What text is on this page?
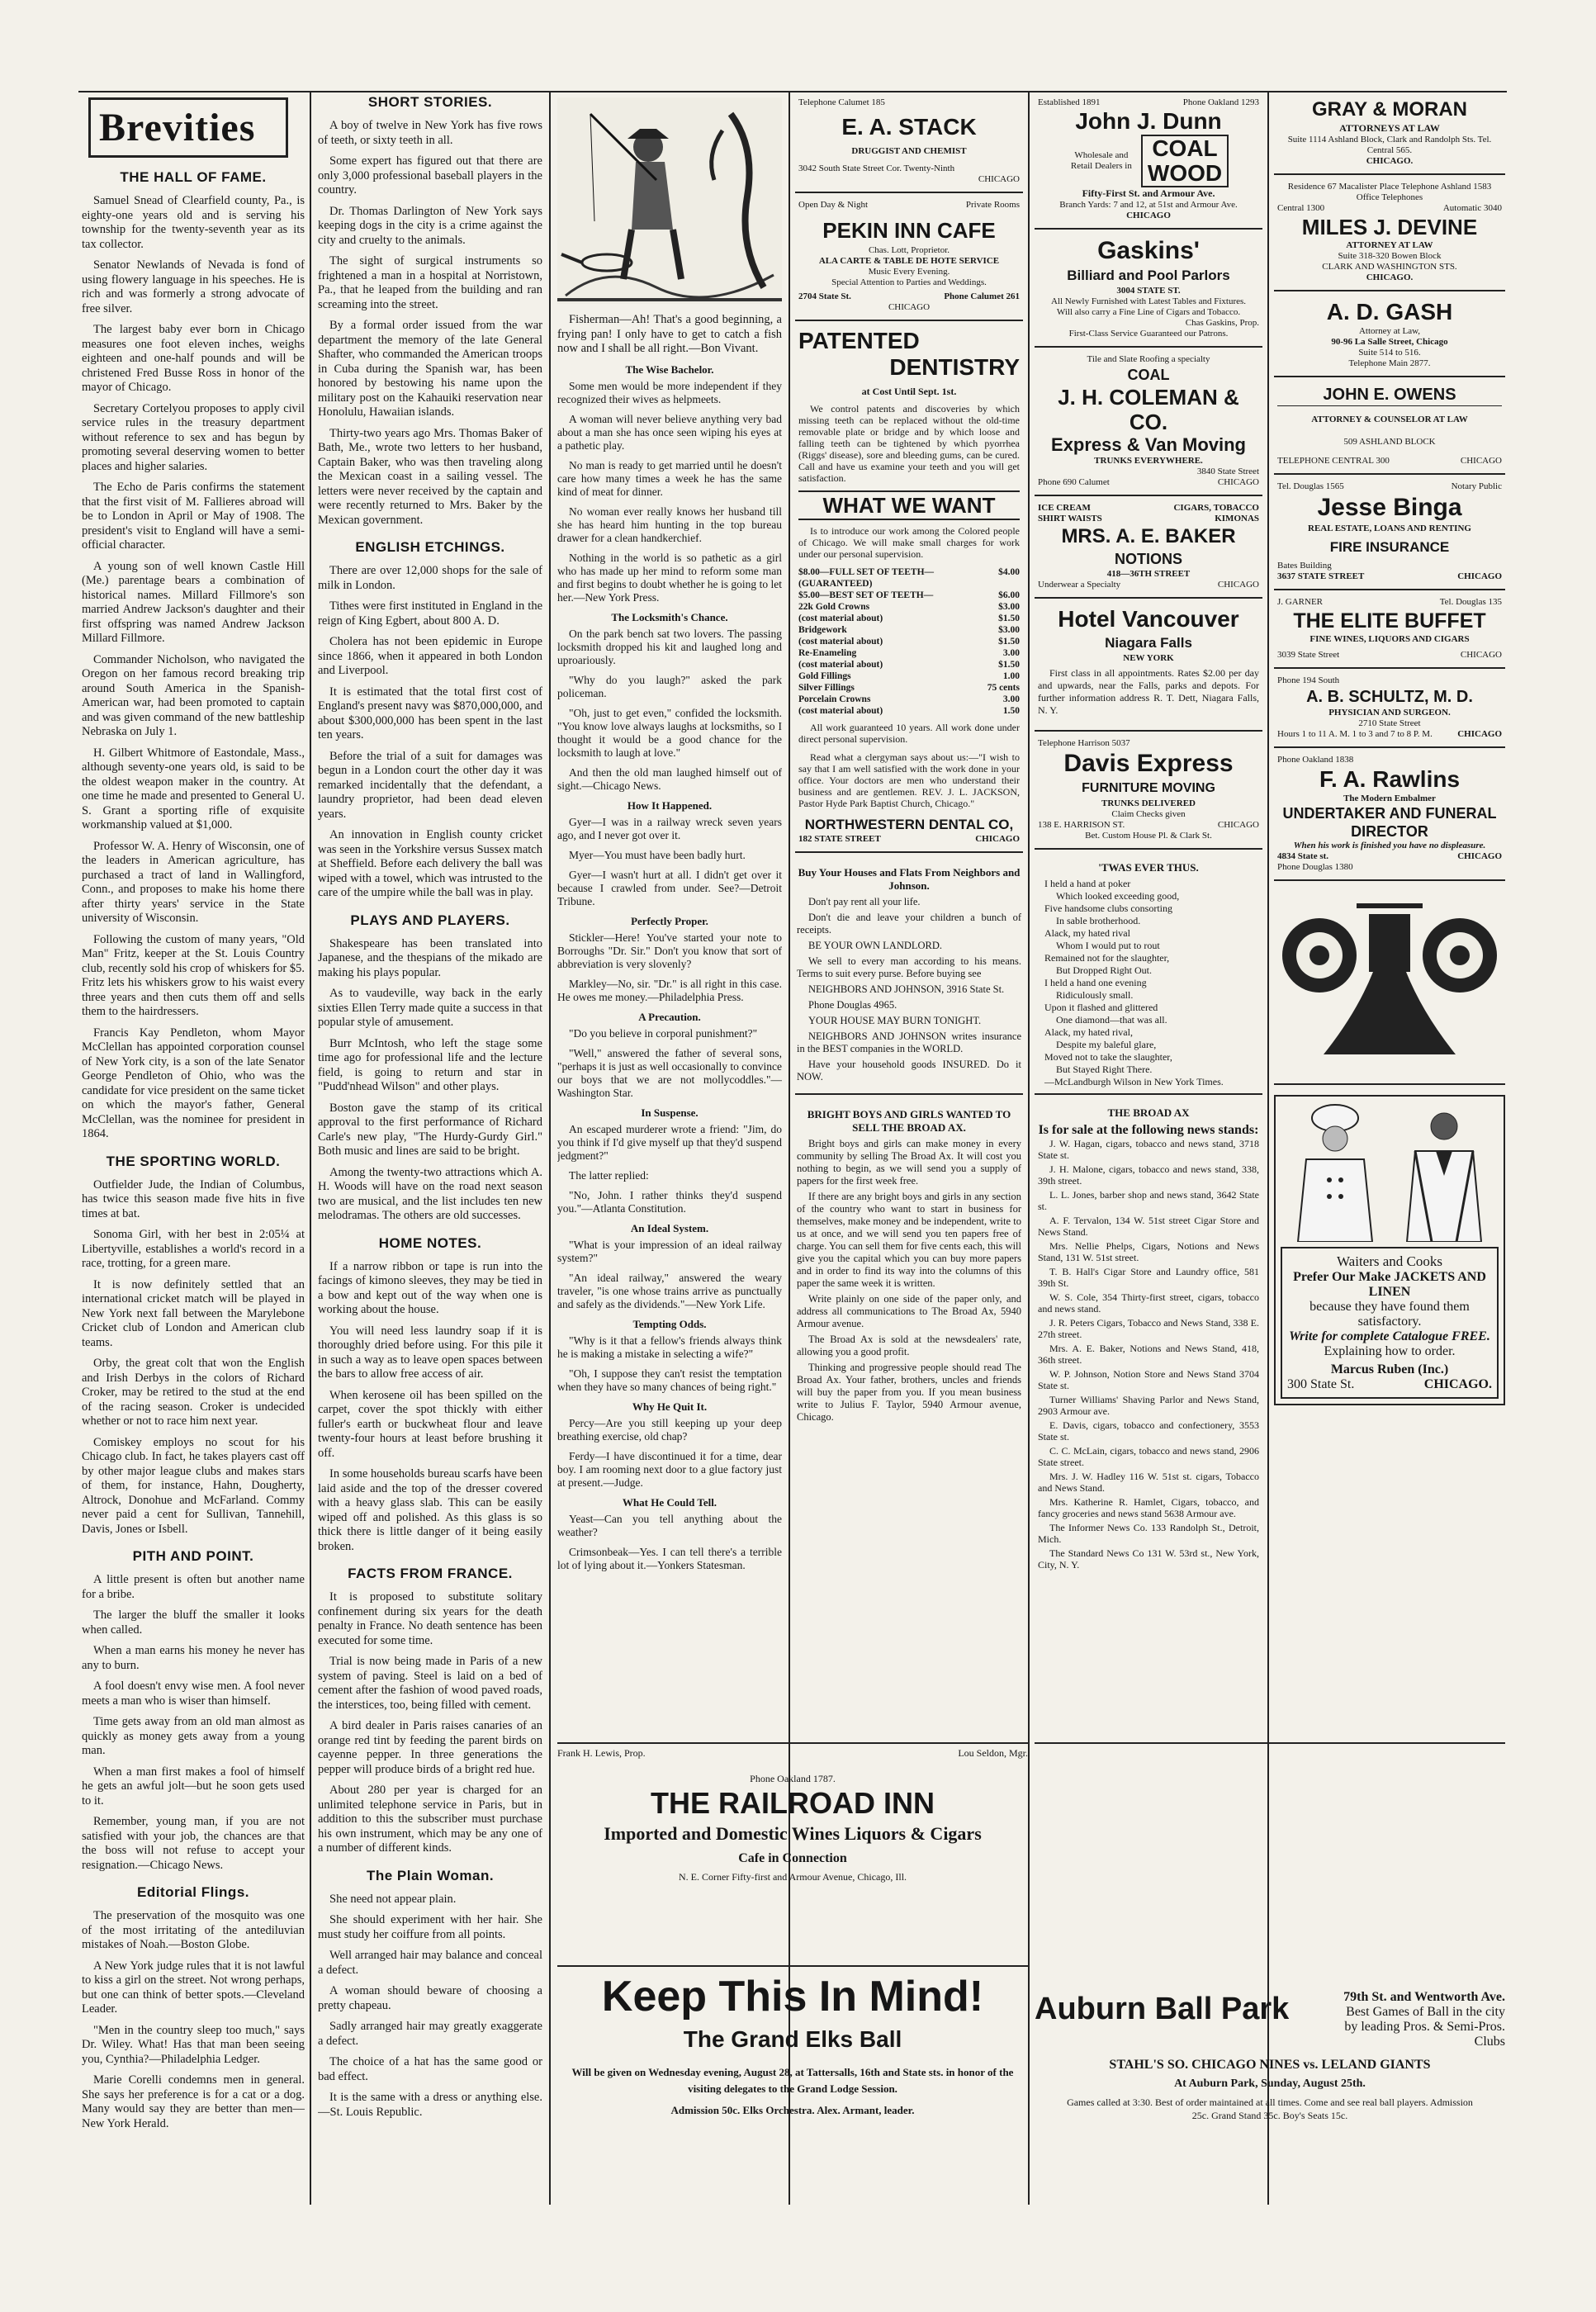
Brevities
THE HALL OF FAME.

Samuel Snead of Clearfield county, Pa., is eighty-one years old and is serving his township for the twenty-seventh year as its tax collector.

Senator Newlands of Nevada is fond of using flowery language in his speeches. He is rich and was formerly a strong advocate of free silver.

The largest baby ever born in Chicago measures one foot eleven inches, weighs eighteen and one-half pounds and will be christened Fred Busse Ross in honor of the mayor of Chicago.

Secretary Cortelyou proposes to apply civil service rules in the treasury department without reference to sex and has begun by promoting several deserving women to better places and higher salaries.

The Echo de Paris confirms the statement that the first visit of M. Fallieres abroad will be to London in April or May of 1908. The president's visit to England will have a semi-official character.

A young son of well known Castle Hill (Me.) parentage bears a combination of historical names. Millard Fillmore's son married Andrew Jackson's daughter and their first offspring was named Andrew Jackson Millard Fillmore.

Commander Nicholson, who navigated the Oregon on her famous record breaking trip around South America in the Spanish-American war, had been promoted to captain and was given command of the new battleship Nebraska on July 1.

H. Gilbert Whitmore of Eastondale, Mass., although seventy-one years old, is said to be the oldest weapon maker in the country. At one time he made and presented to General U. S. Grant a sporting rifle of exquisite workmanship valued at $1,000.

Professor W. A. Henry of Wisconsin, one of the leaders in American agriculture, has purchased a tract of land in Wallingford, Conn., and proposes to make his home there after thirty years' service in the State university of Wisconsin.

Following the custom of many years, "Old Man" Fritz, keeper at the St. Louis Country club, recently sold his crop of whiskers for $5. Fritz lets his whiskers grow to his waist every three years and then cuts them off and sells them to the hairdressers.

Francis Kay Pendleton, whom Mayor McClellan has appointed corporation counsel of New York city, is a son of the late Senator George Pendleton of Ohio, who was the candidate for vice president on the same ticket on which the mayor's father, General McClellan, was the nominee for president in 1864.

THE SPORTING WORLD.

Outfielder Jude, the Indian of Columbus, has twice this season made five hits in five times at bat.

Sonoma Girl, with her best in 2:05¼ at Libertyville, establishes a world's record in a race, trotting, for a green mare.

It is now definitely settled that an international cricket match will be played in New York next fall between the Marylebone Cricket club of London and American club teams.

Orby, the great colt that won the English and Irish Derbys in the colors of Richard Croker, may be retired to the stud at the end of the racing season. Croker is undecided whether or not to race him next year.

Comiskey employs no scout for his Chicago club. In fact, he takes players cast off by other major league clubs and makes stars of them, for instance, Hahn, Dougherty, Altrock, Donohue and McFarland. Commy never paid a cent for Sullivan, Tannehill, Davis, Jones or Isbell.

PITH AND POINT.

A little present is often but another name for a bribe.

The larger the bluff the smaller it looks when called.

When a man earns his money he never has any to burn.

A fool doesn't envy wise men. A fool never meets a man who is wiser than himself.

Time gets away from an old man almost as quickly as money gets away from a young man.

When a man first makes a fool of himself he gets an awful jolt—but he soon gets used to it.

Remember, young man, if you are not satisfied with your job, the chances are that the boss will not refuse to accept your resignation.—Chicago News.

Editorial Flings.

The preservation of the mosquito was one of the most irritating of the antediluvian mistakes of Noah.—Boston Globe.

A New York judge rules that it is not lawful to kiss a girl on the street. Not wrong perhaps, but one can think of better spots.—Cleveland Leader.

"Men in the country sleep too much," says Dr. Wiley. What! Has that man been seeing you, Cynthia?—Philadelphia Ledger.

Marie Corelli condemns men in general. She says her preference is for a cat or a dog. Many would say they are better than men—New York Herald.

SHORT STORIES.

A boy of twelve in New York has five rows of teeth, or sixty teeth in all.

Some expert has figured out that there are only 3,000 professional baseball players in the country.

Dr. Thomas Darlington of New York says keeping dogs in the city is a crime against the city and cruelty to the animals.

The sight of surgical instruments so frightened a man in a hospital at Norristown, Pa., that he leaped from the building and ran screaming into the street.

By a formal order issued from the war department the memory of the late General Shafter, who commanded the American troops in Cuba during the Spanish war, has been honored by bestowing his name upon the military post on the Kahauiki reservation near Honolulu, Hawaiian islands.

Thirty-two years ago Mrs. Thomas Baker of Bath, Me., wrote two letters to her husband, Captain Baker, who was then traveling along the Mexican coast in a sailing vessel. The letters were never received by the captain and were recently returned to Mrs. Baker by the Mexican government.

ENGLISH ETCHINGS.

There are over 12,000 shops for the sale of milk in London.

Tithes were first instituted in England in the reign of King Egbert, about 800 A. D.

Cholera has not been epidemic in Europe since 1866, when it appeared in both London and Liverpool.

It is estimated that the total first cost of England's present navy was $870,000,000, and about $300,000,000 has been spent in the last ten years.

Before the trial of a suit for damages was begun in a London court the other day it was remarked incidentally that the defendant, a laundry proprietor, had been dead eleven years.

An innovation in English county cricket was seen in the Yorkshire versus Sussex match at Sheffield. Before each delivery the ball was wiped with a towel, which was intrusted to the care of the umpire while the ball was in play.

PLAYS AND PLAYERS.

Shakespeare has been translated into Japanese, and the thespians of the mikado are making his plays popular.

As to vaudeville, way back in the early sixties Ellen Terry made quite a success in that popular style of amusement.

Burr McIntosh, who left the stage some time ago for professional life and the lecture field, is going to return and star in "Pudd'nhead Wilson" and other plays.

Boston gave the stamp of its critical approval to the first performance of Richard Carle's new play, "The Hurdy-Gurdy Girl." Both music and lines are said to be bright.

Among the twenty-two attractions which A. H. Woods will have on the road next season two are musical, and the list includes ten new melodramas. The others are old successes.

HOME NOTES.

If a narrow ribbon or tape is run into the facings of kimono sleeves, they may be tied in a bow and kept out of the way when one is working about the house.

You will need less laundry soap if it is thoroughly dried before using. For this pile it in such a way as to leave open spaces between the bars to allow free access of air.

When kerosene oil has been spilled on the carpet, cover the spot thickly with either fuller's earth or buckwheat flour and leave twenty-four hours at least before brushing it off.

In some households bureau scarfs have been laid aside and the top of the dresser covered with a heavy glass slab. This can be easily wiped off and polished. As this glass is so thick there is little danger of it being easily broken.

FACTS FROM FRANCE.

It is proposed to substitute solitary confinement during six years for the death penalty in France. No death sentence has been executed for some time.

Trial is now being made in Paris of a new system of paving. Steel is laid on a bed of cement after the fashion of wood paved roads, the interstices, too, being filled with cement.

A bird dealer in Paris raises canaries of an orange red tint by feeding the parent birds on cayenne pepper. In three generations the pepper will produce birds of a bright red hue.

About 280 per year is charged for an unlimited telephone service in Paris, but in addition to this the subscriber must purchase his own instrument, which may be any one of a number of different kinds.

The Plain Woman.

She need not appear plain.

She should experiment with her hair. She must study her coiffure from all points.

Well arranged hair may balance and conceal a defect.

A woman should beware of choosing a pretty chapeau.

Sadly arranged hair may greatly exaggerate a defect.

The choice of a hat has the same good or bad effect.

It is the same with a dress or anything else.—St. Louis Republic.

Fisherman—Ah! That's a good beginning, a frying pan! I only have to get to catch a fish now and I shall be all right.—Bon Vivant.

The Wise Bachelor.

Some men would be more independent if they recognized their wives as helpmeets.

A woman will never believe anything very bad about a man she has once seen wiping his eyes at a pathetic play.

No man is ready to get married until he doesn't care how many times a week he has the same kind of meat for dinner.

No woman ever really knows her husband till she has heard him hunting in the top bureau drawer for a clean handkerchief.

Nothing in the world is so pathetic as a girl who has made up her mind to reform some man and first begins to doubt whether he is going to let her.—New York Press.

The Locksmith's Chance.

On the park bench sat two lovers. The passing locksmith dropped his kit and laughed long and uproariously.

"Why do you laugh?" asked the park policeman.

"Oh, just to get even," confided the locksmith. "You know love always laughs at locksmiths, so I thought it would be a good chance for the locksmith to laugh at love."

And then the old man laughed himself out of sight.—Chicago News.

How It Happened.

Gyer—I was in a railway wreck seven years ago, and I never got over it.

Myer—You must have been badly hurt.

Gyer—I wasn't hurt at all. I didn't get over it because I crawled from under. See?—Detroit Tribune.

Perfectly Proper.

Stickler—Here! You've started your note to Borroughs "Dr. Sir." Don't you know that sort of abbreviation is very slovenly?

Markley—No, sir. "Dr." is all right in this case. He owes me money.—Philadelphia Press.

A Precaution.

"Do you believe in corporal punishment?"

"Well," answered the father of several sons, "perhaps it is just as well occasionally to convince our boys that we are not mollycoddles."—Washington Star.

In Suspense.

An escaped murderer wrote a friend: "Jim, do you think if I'd give myself up that they'd suspend jedgment?"

The latter replied:

"No, John. I rather thinks they'd suspend you."—Atlanta Constitution.

An Ideal System.

"What is your impression of an ideal railway system?"

"An ideal railway," answered the weary traveler, "is one whose trains arrive as punctually and safely as the dividends."—New York Life.

Tempting Odds.

"Why is it that a fellow's friends always think he is making a mistake in selecting a wife?"

"Oh, I suppose they can't resist the temptation when they have so many chances of being right."

Why He Quit It.

Percy—Are you still keeping up your deep breathing exercise, old chap?

Ferdy—I have discontinued it for a time, dear boy. I am rooming next door to a glue factory just at present.—Judge.

What He Could Tell.

Yeast—Can you tell anything about the weather?

Crimsonbeak—Yes. I can tell there's a terrible lot of lying about it.—Yonkers Statesman.

Telephone Calumet 185
E. A. STACK
DRUGGIST AND CHEMIST
3042 South State Street Cor. Twenty-Ninth
CHICAGO
Open Day & Night	Private Rooms
PEKIN INN CAFE
Chas. Lott, Proprietor.
ALA CARTE & TABLE DE HOTE SERVICE
Music Every Evening.
Special Attention to Parties and Weddings.
2704 State St.	Phone Calumet 261
CHICAGO
PATENTED
DENTISTRY
at Cost Until Sept. 1st.

We control patents and discoveries by which missing teeth can be replaced without the old-time removable plate or bridge and by which loose and falling teeth can be tightened by which pyorrhea (Riggs' disease), sore and bleeding gums, can be cured. Call and have us examine your teeth and you will get satisfaction.

WHAT WE WANT

Is to introduce our work among the Colored people of Chicago. We will make small charges for work under our personal supervision.

$8.00—FULL SET OF TEETH—	$4.00
(GUARANTEED)
$5.00—BEST SET OF TEETH—	$6.00
22k Gold Crowns	$3.00
(cost material about)	$1.50
Bridgework	$3.00
(cost material about)	$1.50
Re-Enameling	3.00
(cost material about)	$1.50
Gold Fillings	1.00
Silver Fillings	75 cents
Porcelain Crowns	3.00
(cost material about)	1.50

All work guaranteed 10 years. All work done under direct personal supervision.

Read what a clergyman says about us:—"I wish to say that I am well satisfied with the work done in your office. Your doctors are men who understand their business and are gentlemen. REV. J. L. JACKSON, Pastor Hyde Park Baptist Church, Chicago."

NORTHWESTERN DENTAL CO,
182 STATE STREET	CHICAGO
Buy Your Houses and Flats From Neighbors and Johnson.

Don't pay rent all your life.

Don't die and leave your children a bunch of receipts.

BE YOUR OWN LANDLORD.

We sell to every man according to his means. Terms to suit every purse. Before buying see

NEIGHBORS AND JOHNSON, 3916 State St.

Phone Douglas 4965.

YOUR HOUSE MAY BURN TONIGHT.

NEIGHBORS AND JOHNSON writes insurance in the BEST companies in the WORLD.

Have your household goods INSURED. Do it NOW.

BRIGHT BOYS AND GIRLS WANTED TO SELL THE BROAD AX.

Bright boys and girls can make money in every community by selling The Broad Ax. It will cost you nothing to begin, as we will send you a supply of papers for the first week free.

If there are any bright boys and girls in any section of the country who want to start in business for themselves, make money and be independent, write to us at once, and we will send you ten papers free of charge. You can sell them for five cents each, this will give you the capital which you can buy more papers and in order to find its way into the columns of this paper the same week it is written.

Write plainly on one side of the paper only, and address all communications to The Broad Ax, 5940 Armour avenue.

The Broad Ax is sold at the newsdealers' rate, allowing you a good profit.

Thinking and progressive people should read The Broad Ax. Your father, brothers, uncles and friends will buy the paper from you. If you mean business write to Julius F. Taylor, 5940 Armour avenue, Chicago.

Established 1891	Phone Oakland 1293
John J. Dunn
Wholesale and Retail Dealers in
COAL
WOOD
Fifty-First St. and Armour Ave.
Branch Yards: 7 and 12, at 51st and Armour Ave.
CHICAGO
Gaskins'
Billiard and Pool Parlors
3004 STATE ST.
All Newly Furnished with Latest Tables and Fixtures.
Will also carry a Fine Line of Cigars and Tobacco.
Chas Gaskins, Prop.
First-Class Service Guaranteed our Patrons.
Tile and Slate Roofing a specialty
COAL
J. H. COLEMAN & CO.
Express & Van Moving
TRUNKS EVERYWHERE.
3840 State Street
Phone 690 Calumet	CHICAGO
ICE CREAM	CIGARS, TOBACCO
SHIRT WAISTS	KIMONAS
MRS. A. E. BAKER
NOTIONS
418—36TH STREET
Underwear a Specialty	CHICAGO
Hotel Vancouver
Niagara Falls
NEW YORK

First class in all appointments. Rates $2.00 per day and upwards, near the Falls, parks and depots. For further information address R. T. Dett, Niagara Falls, N. Y.

Telephone Harrison 5037
Davis Express
FURNITURE MOVING
TRUNKS DELIVERED
Claim Checks given
138 E. HARRISON ST.	CHICAGO
Bet. Custom House Pl. & Clark St.
'TWAS EVER THUS.
I held a hand at poker
Which looked exceeding good,
Five handsome clubs consorting
In sable brotherhood.
Alack, my hated rival
Whom I would put to rout
Remained not for the slaughter,
But Dropped Right Out.
I held a hand one evening
Ridiculously small.
Upon it flashed and glittered
One diamond—that was all.
Alack, my hated rival,
Despite my baleful glare,
Moved not to take the slaughter,
But Stayed Right There.
—McLandburgh Wilson in New York Times.
THE BROAD AX
Is for sale at the following news stands:

J. W. Hagan, cigars, tobacco and news stand, 3718 State st.

J. H. Malone, cigars, tobacco and news stand, 338, 39th street.

L. L. Jones, barber shop and news stand, 3642 State st.

A. F. Tervalon, 134 W. 51st street Cigar Store and News Stand.

Mrs. Nellie Phelps, Cigars, Notions and News Stand, 131 W. 51st street.

T. B. Hall's Cigar Store and Laundry office, 581 39th St.

W. S. Cole, 354 Thirty-first street, cigars, tobacco and news stand.

J. R. Peters Cigars, Tobacco and News Stand, 338 E. 27th street.

Mrs. A. E. Baker, Notions and News Stand, 418, 36th street.

W. P. Johnson, Notion Store and News Stand 3704 State st.

Turner Williams' Shaving Parlor and News Stand, 2903 Armour ave.

E. Davis, cigars, tobacco and confectionery, 3553 State st.

C. C. McLain, cigars, tobacco and news stand, 2906 State street.

Mrs. J. W. Hadley 116 W. 51st st. cigars, Tobacco and News Stand.

Mrs. Katherine R. Hamlet, Cigars, tobacco, and fancy groceries and news stand 5638 Armour ave.

The Informer News Co. 133 Randolph St., Detroit, Mich.

The Standard News Co 131 W. 53rd st., New York, City, N. Y.

GRAY & MORAN
ATTORNEYS AT LAW
Suite 1114 Ashland Block, Clark and Randolph Sts. Tel. Central 565.
CHICAGO.
Residence 67 Macalister Place Telephone Ashland 1583
Office Telephones
Central 1300	Automatic 3040
MILES J. DEVINE
ATTORNEY AT LAW
Suite 318-320 Bowen Block
CLARK AND WASHINGTON STS.
CHICAGO.
A. D. GASH
Attorney at Law,
90-96 La Salle Street, Chicago
Suite 514 to 516.
Telephone Main 2877.
JOHN E. OWENS
ATTORNEY & COUNSELOR AT LAW
509 ASHLAND BLOCK
TELEPHONE CENTRAL 300	CHICAGO
Tel. Douglas 1565	Notary Public
Jesse Binga
REAL ESTATE, LOANS AND RENTING
FIRE INSURANCE
Bates Building
3637 STATE STREET	CHICAGO
J. GARNER	Tel. Douglas 135
THE ELITE BUFFET
FINE WINES, LIQUORS AND CIGARS
3039 State Street	CHICAGO
Phone 194 South
A. B. SCHULTZ, M. D.
PHYSICIAN AND SURGEON.
2710 State Street
Hours 1 to 11 A. M. 1 to 3 and 7 to 8 P. M.	CHICAGO
Phone Oakland 1838
F. A. Rawlins
The Modern Embalmer
UNDERTAKER AND FUNERAL DIRECTOR
When his work is finished you have no displeasure.
4834 State st.	CHICAGO
Phone Douglas 1380
Waiters and Cooks
Prefer Our Make JACKETS AND LINEN
because they have found them satisfactory.
Write for complete Catalogue FREE.
Explaining how to order.
Marcus Ruben (Inc.)
300 State St.	CHICAGO.
Frank H. Lewis, Prop.	Lou Seldon, Mgr.
Phone Oakland 1787.
THE RAILROAD INN
Imported and Domestic Wines Liquors & Cigars
Cafe in Connection
N. E. Corner Fifty-first and Armour Avenue, Chicago, Ill.
Keep This In Mind!
The Grand Elks Ball
Will be given on Wednesday evening, August 28, at Tattersalls, 16th and State sts. in honor of the visiting delegates to the Grand Lodge Session.
Admission 50c. Elks Orchestra. Alex. Armant, leader.
Auburn Ball Park	79th St. and Wentworth Ave.
Best Games of Ball in the city by leading Pros. & Semi-Pros. Clubs
STAHL'S SO. CHICAGO NINES vs. LELAND GIANTS
At Auburn Park, Sunday, August 25th.
Games called at 3:30. Best of order maintained at all times. Come and see real ball players. Admission 25c. Grand Stand 35c. Boy's Seats 15c.
